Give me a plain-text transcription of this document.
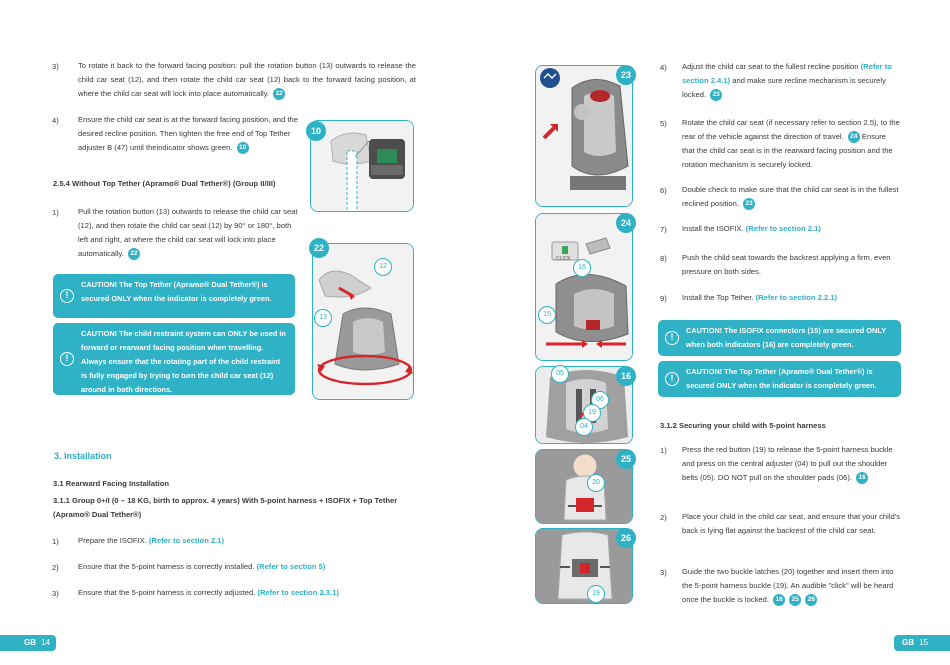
3)	To rotate it back to the forward facing position: pull the rotation button (13) outwards to release the child car seat (12), and then rotate the child car seat (12) back to the forward facing position, at where the child car seat will lock into place automatically. 22
4)	Ensure the child car seat is at the forward facing position, and the desired recline position. Then tighten the free end of Top Tether adjuster B (47) until theindicator shows green. 10
10
2.5.4 Without Top Tether (Apramo® Dual Tether®) (Group II/III)
1)	Pull the rotation button (13) outwards to release the child car seat (12), and then rotate the child car seat (12) by 90° or 180°, both left and right, at where the child car seat will lock into place automatically. 22
22
12
13
!
CAUTION! The Top Tether (Apramo® Dual Tether®) is secured ONLY when the indicator is completely green.
!
CAUTION! The child restraint system can ONLY be used in forward or rearward facing position when travelling. Always ensure that the rotating part of the child restraint is fully engaged by trying to turn the child car seat (12) around in both directions.
3. Installation
3.1 Rearward Facing Installation
3.1.1 Group 0+/I (0 – 18 KG, birth to approx. 4 years) With 5-point harness + ISOFIX + Top Tether (Apramo® Dual Tether®)
1)	Prepare the ISOFIX. (Refer to section 2.1)
2)	Ensure that the 5-point harness is correctly installed. (Refer to section 5)
3)	Ensure that the 5-point harness is correctly adjusted. (Refer to section 2.3.1)
GB 14
23
CLICK
24
16
15
16
05
06
19
04
25
20
26
19
4) Adjust the child car seat to the fullest recline position (Refer to section 2.4.1) and make sure recline mechanism is securely locked. 23
5) Rotate the child car seat (if necessary refer to section 2.5), to the rear of the vehicle against the direction of travel. 24 Ensure that the child car seat is in the rearward facing position and the rotation mechanism is securely locked.
6) Double check to make sure that the child car seat is in the fullest reclined position. 23
7) Install the ISOFIX. (Refer to section 2.1)
8) Push the child seat towards the backrest applying a firm, even pressure on both sides.
9) Install the Top Tether. (Refer to section 2.2.1)
!
CAUTION! The ISOFIX connectors (15) are secured ONLY when both indicators (16) are completely green.
!
CAUTION! The Top Tether (Apramo® Dual Tether®) is secured ONLY when the indicator is completely green.
3.1.2 Securing your child with 5-point harness
1) Press the red button (19) to release the 5-point harness buckle and press on the central adjuster (04) to pull out the shoulder belts (05). DO NOT pull on the shoulder pads (06). 16
2) Place your child in the child car seat, and ensure that your child's back is lying flat against the backrest of the child car seat.
3) Guide the two buckle latches (20) together and insert them into the 5-point harness buckle (19). An audible "click" will be heard once the buckle is locked. 16 25 26
GB 15
